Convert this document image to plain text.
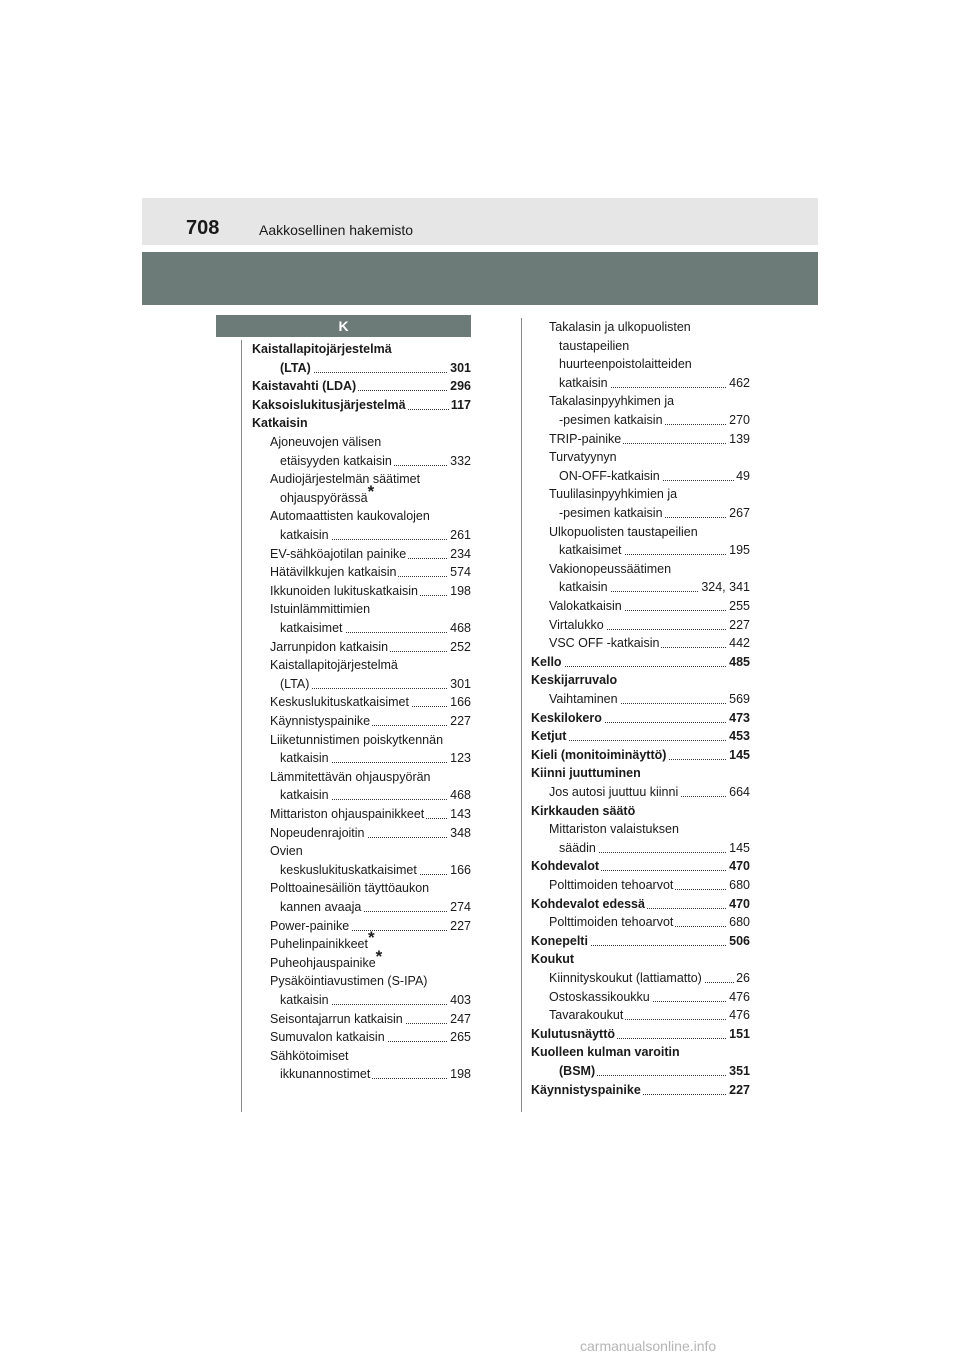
708	Aakkosellinen hakemisto
K
Kaistallapitojärjestelmä
(LTA)	301
Kaistavahti (LDA)	296
Kaksoislukitusjärjestelmä	117
Katkaisin
Ajoneuvojen välisen
etäisyyden katkaisin	332
Audiojärjestelmän säätimet
ohjauspyörässä*
Automaattisten kaukovalojen
katkaisin	261
EV-sähköajotilan painike	234
Hätävilkkujen katkaisin	574
Ikkunoiden lukituskatkaisin	198
Istuinlämmittimien
katkaisimet	468
Jarrunpidon katkaisin	252
Kaistallapitojärjestelmä
(LTA)	301
Keskuslukituskatkaisimet	166
Käynnistyspainike	227
Liiketunnistimen poiskytkennän
katkaisin	123
Lämmitettävän ohjauspyörän
katkaisin	468
Mittariston ohjauspainikkeet 143
Nopeudenrajoitin	348
Ovien
keskuslukituskatkaisimet	166
Polttoainesäiliön täyttöaukon
kannen avaaja	274
Power-painike	227
Puhelinpainikkeet*
Puheohjauspainike*
Pysäköintiavustimen (S-IPA)
katkaisin	403
Seisontajarrun katkaisin	247
Sumuvalon katkaisin	265
Sähkötoimiset
ikkunannostimet	198
Takalasin ja ulkopuolisten
taustapeilien
huurteenpoistolaitteiden
katkaisin	462
Takalasinpyyhkimen ja
-pesimen katkaisin	270
TRIP-painike	139
Turvatyynyn
ON-OFF-katkaisin	49
Tuulilasinpyyhkimien ja
-pesimen katkaisin	267
Ulkopuolisten taustapeilien
katkaisimet	195
Vakionopeussäätimen
katkaisin	324, 341
Valokatkaisin	255
Virtalukko	227
VSC OFF -katkaisin	442
Kello	485
Keskijarruvalo
Vaihtaminen	569
Keskilokero	473
Ketjut	453
Kieli (monitoiminäyttö)	145
Kiinni juuttuminen
Jos autosi juuttuu kiinni	664
Kirkkauden säätö
Mittariston valaistuksen
säädin	145
Kohdevalot	470
Polttimoiden tehoarvot	680
Kohdevalot edessä	470
Polttimoiden tehoarvot	680
Konepelti	506
Koukut
Kiinnityskoukut (lattiamatto)	26
Ostoskassikoukku	476
Tavarakoukut	476
Kulutusnäyttö	151
Kuolleen kulman varoitin
(BSM)	351
Käynnistyspainike	227
carmanualsonline.info
